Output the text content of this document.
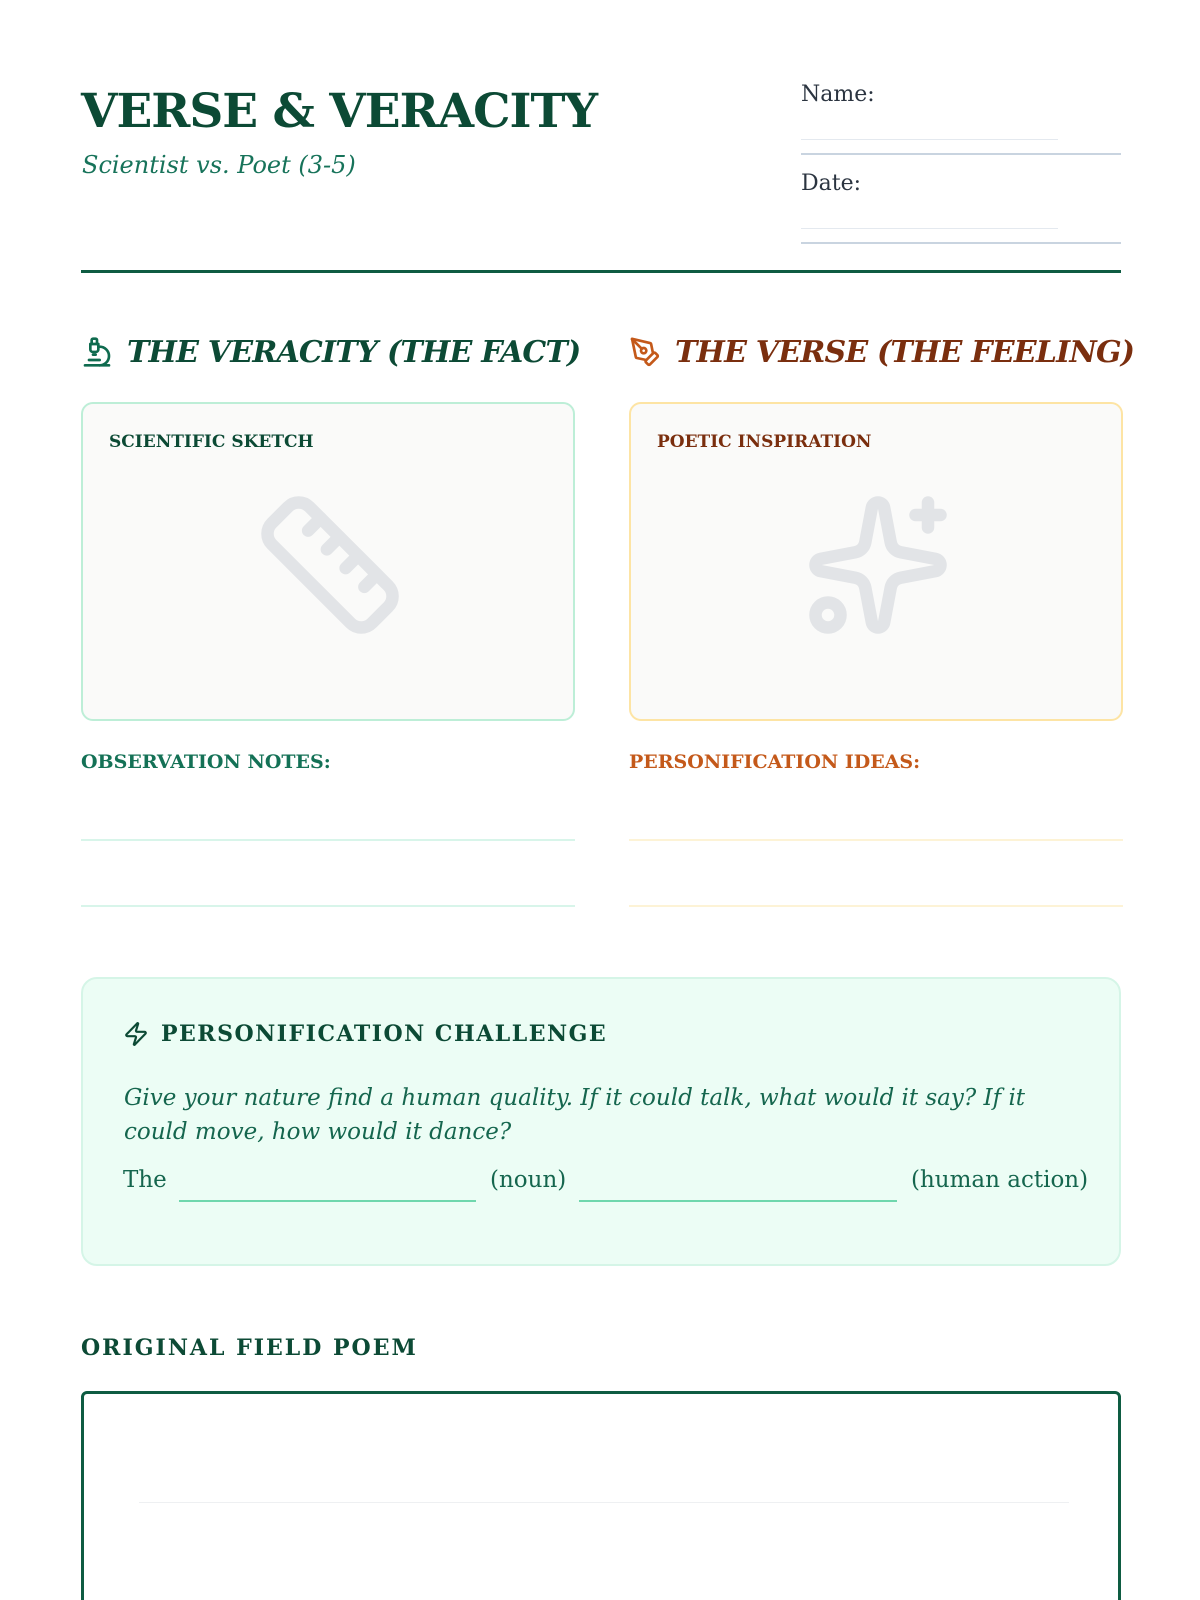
VERSE & VERACITY
Scientist vs. Poet (3-5)
Name:
Date:
THE VERACITY (THE FACT)	THE VERSE (THE FEELING)
SCIENTIFIC SKETCH	POETIC INSPIRATION
OBSERVATION NOTES:	PERSONIFICATION IDEAS:
PERSONIFICATION CHALLENGE
Give your nature find a human quality. If it could talk, what would it say? If it could move, how would it dance?
The	(noun)	(human action)
ORIGINAL FIELD POEM
